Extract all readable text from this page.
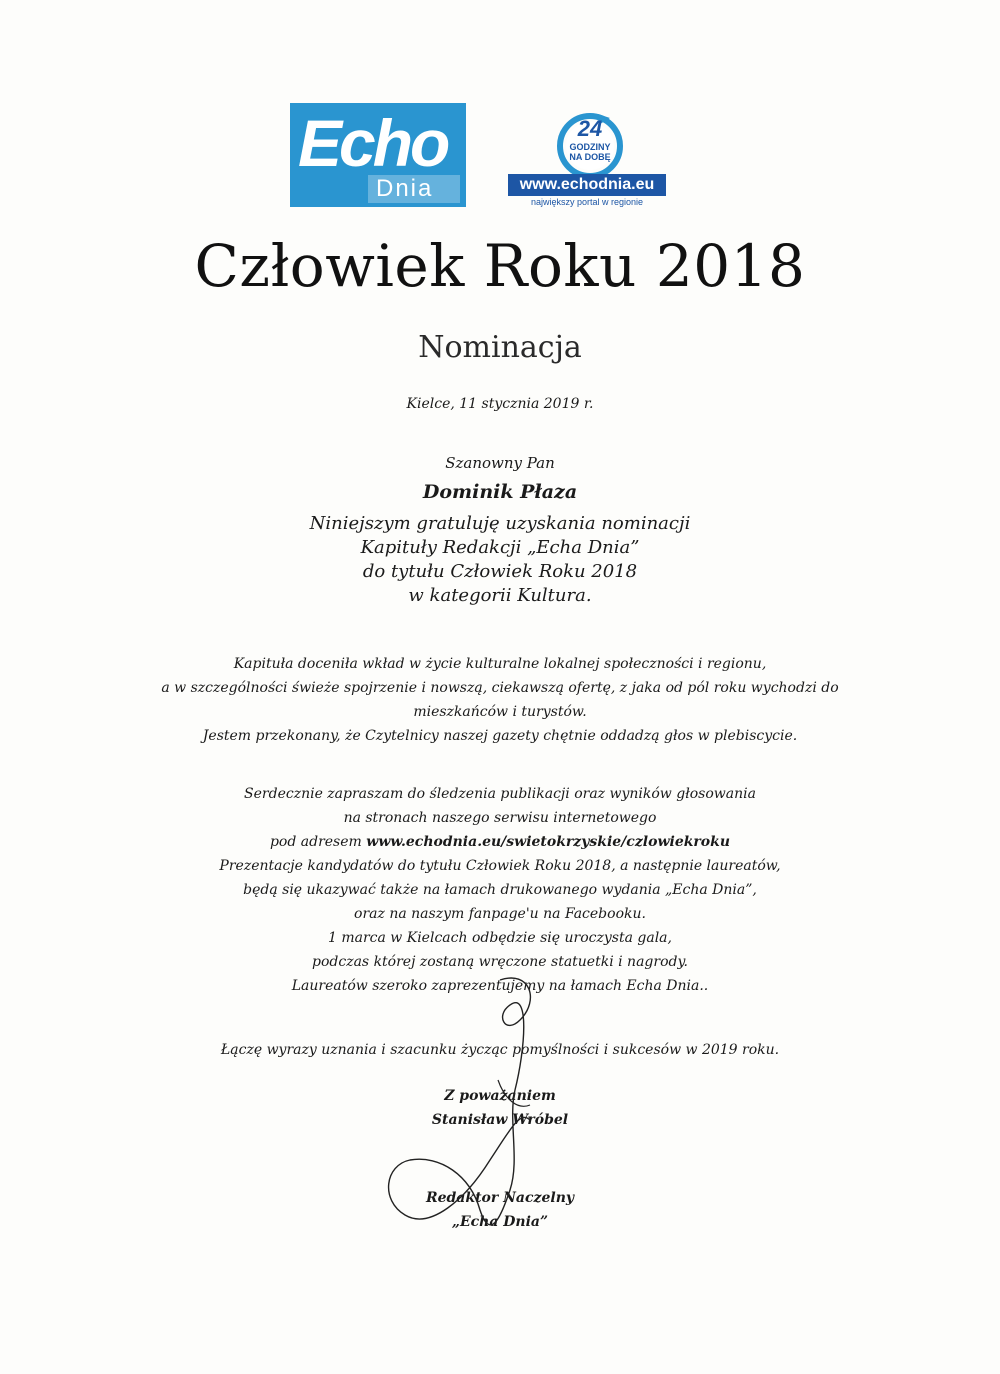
Echo
Dnia
24
GODZINY
NA DOBĘ
www.echodnia.eu
największy portal w regionie
Człowiek Roku 2018
Nominacja
Kielce, 11 stycznia 2019 r.
Szanowny Pan
Dominik Płaza
Niniejszym gratuluję uzyskania nominacji
Kapituły Redakcji „Echa Dnia”
do tytułu Człowiek Roku 2018
w kategorii Kultura.
Kapituła doceniła wkład w życie kulturalne lokalnej społeczności i regionu,
a w szczególności świeże spojrzenie i nowszą, ciekawszą ofertę, z jaka od pól roku wychodzi do
mieszkańców i turystów.
Jestem przekonany, że Czytelnicy naszej gazety chętnie oddadzą głos w plebiscycie.
Serdecznie zapraszam do śledzenia publikacji oraz wyników głosowania
na stronach naszego serwisu internetowego
pod adresem www.echodnia.eu/swietokrzyskie/czlowiekroku
Prezentacje kandydatów do tytułu Człowiek Roku 2018, a następnie laureatów,
będą się ukazywać także na łamach drukowanego wydania „Echa Dnia”,
oraz na naszym fanpage'u na Facebooku.
1 marca w Kielcach odbędzie się uroczysta gala,
podczas której zostaną wręczone statuetki i nagrody.
Laureatów szeroko zaprezentujemy na łamach Echa Dnia..
Łączę wyrazy uznania i szacunku życząc pomyślności i sukcesów w 2019 roku.
Z poważaniem
Stanisław Wróbel
Redaktor Naczelny
„Echa Dnia”
